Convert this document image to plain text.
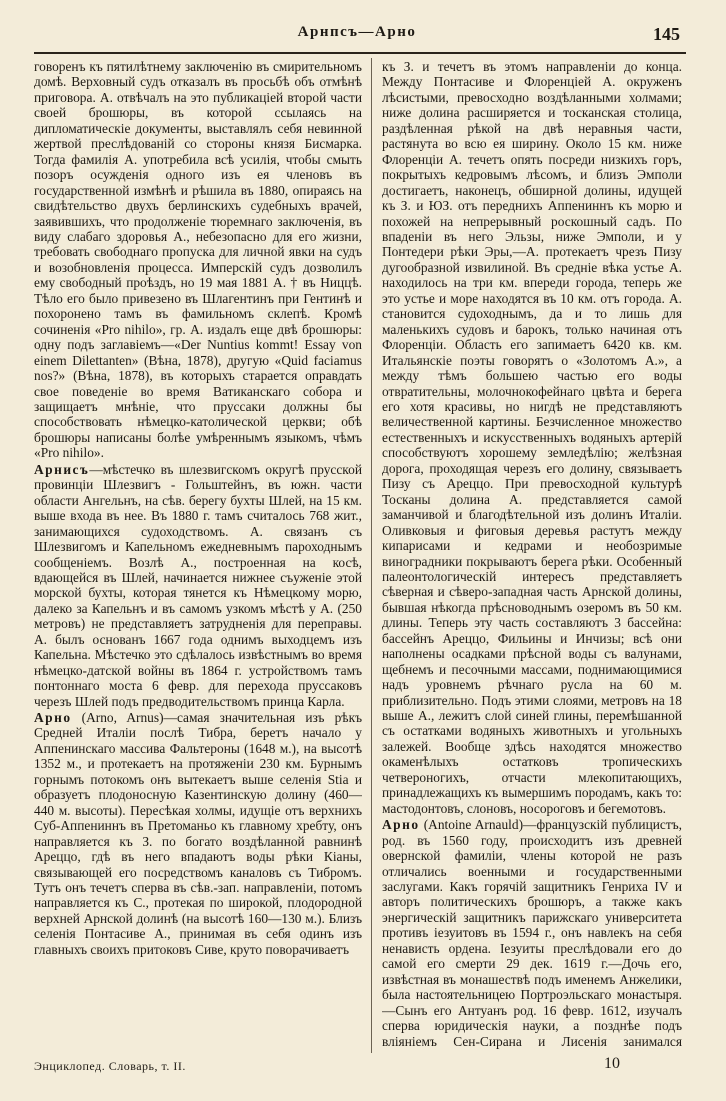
Арнпсъ—Арно	145

говоренъ къ пятилѣтнему заключенію въ смирительномъ домѣ. Верховный судъ отказалъ въ просьбѣ объ отмѣнѣ приговора. А. отвѣчалъ на это публикаціей второй части своей брошюры, въ которой ссылаясь на дипломатическіе документы, выставлялъ себя невинной жертвой преслѣдованій со стороны князя Бисмарка. Тогда фамилія А. употребила всѣ усилія, чтобы смыть позоръ осужденія одного изъ ея членовъ въ государственной измѣнѣ и рѣшила въ 1880, опираясь на свидѣтельство двухъ берлинскихъ судебныхъ врачей, заявившихъ, что продолженіе тюремнаго заключенія, въ виду слабаго здоровья А., небезопасно для его жизни, требовать свободнаго пропуска для личной явки на судъ и возобновленія процесса. Имперскій судъ дозволилъ ему свободный проѣздъ, но 19 мая 1881 А. † въ Ниццѣ. Тѣло его было привезено въ Шлагентинъ при Гентинѣ и похоронено тамъ въ фамильномъ склепѣ. Кромѣ сочиненія «Pro nihilo», гр. А. издалъ еще двѣ брошюры: одну подъ заглавіемъ—«Der Nuntius kommt! Essay von einem Dilettanten» (Вѣна, 1878), другую «Quid faciamus nos?» (Вѣна, 1878), въ которыхъ старается оправдать свое поведеніе во время Ватиканскаго собора и защищаетъ мнѣніе, что пруссаки должны бы способствовать нѣмецко-католической церкви; обѣ брошюры написаны болѣе умѣреннымъ языкомъ, чѣмъ «Pro nihilo».

Арнисъ—мѣстечко въ шлезвигскомъ округѣ прусской провинціи Шлезвигъ - Гольштейнъ, въ южн. части области Ангельнъ, на сѣв. берегу бухты Шлей, на 15 км. выше входа въ нее. Въ 1880 г. тамъ считалось 768 жит., занимающихся судоходствомъ. А. связанъ съ Шлезвигомъ и Капельномъ ежедневнымъ пароходнымъ сообщеніемъ. Возлѣ А., построенная на косѣ, вдающейся въ Шлей, начинается нижнее съуженіе этой морской бухты, которая тянется къ Нѣмецкому морю, далеко за Капельнъ и въ самомъ узкомъ мѣстѣ у А. (250 метровъ) не представляетъ затрудненія для переправы. А. былъ основанъ 1667 года однимъ выходцемъ изъ Капельна. Мѣстечко это сдѣлалось извѣстнымъ во время нѣмецко-датской войны въ 1864 г. устройствомъ тамъ понтоннаго моста 6 февр. для перехода пруссаковъ черезъ Шлей подъ предводительствомъ принца Карла.

Арно (Arno, Arnus)—самая значительная изъ рѣкъ Средней Италіи послѣ Тибра, беретъ начало у Аппенинскаго массива Фальтероны (1648 м.), на высотѣ 1352 м., и протекаетъ на протяженіи 230 км. Бурнымъ горнымъ потокомъ онъ вытекаетъ выше селенія Stia и образуетъ плодоносную Казентинскую долину (460—440 м. высоты). Пересѣкая холмы, идущіе отъ верхнихъ Суб-Аппениннъ въ Претоманьо къ главному хребту, онъ направляется къ З. по богато воздѣланной равнинѣ Ареццо, гдѣ въ него впадаютъ воды рѣки Кіаны, связывающей его посредствомъ каналовъ съ Тибромъ. Тутъ онъ течетъ сперва въ сѣв.-зап. направленіи, потомъ направляется къ С., протекая по широкой, плодородной верхней Арнской долинѣ (на высотѣ 160—130 м.). Близъ селенія Понтасиве А., принимая въ себя одинъ изъ главныхъ своихъ притоковъ Сиве, круто поворачиваетъ

къ З. и течетъ въ этомъ направленіи до конца. Между Понтасиве и Флоренціей А. окруженъ лѣсистыми, превосходно воздѣланными холмами; ниже долина расширяется и тосканская столица, раздѣленная рѣкой на двѣ неравныя части, растянута во всю ея ширину. Около 15 км. ниже Флоренціи А. течетъ опять посреди низкихъ горъ, покрытыхъ кедровымъ лѣсомъ, и близъ Эмполи достигаетъ, наконецъ, обширной долины, идущей къ З. и ЮЗ. отъ переднихъ Аппениннъ къ морю и похожей на непрерывный роскошный садъ. По впаденіи въ него Эльзы, ниже Эмполи, и у Понтедери рѣки Эры,—А. протекаетъ чрезъ Пизу дугообразной извилиной. Въ средніе вѣка устье А. находилось на три км. впереди города, теперь же это устье и море находятся въ 10 км. отъ города. А. становится судоходнымъ, да и то лишь для маленькихъ судовъ и барокъ, только начиная отъ Флоренціи. Область его запимаетъ 6420 кв. км. Итальянскіе поэты говорятъ о «Золотомъ А.», а между тѣмъ большею частью его воды отвратительны, молочнокофейнаго цвѣта и берега его хотя красивы, но нигдѣ не представляютъ величественной картины. Безчисленное множество естественныхъ и искусственныхъ водяныхъ артерій способствуютъ хорошему земледѣлію; желѣзная дорога, проходящая черезъ его долину, связываетъ Пизу съ Ареццо. При превосходной культурѣ Тосканы долина А. представляется самой заманчивой и благодѣтельной изъ долинъ Италіи. Оливковыя и фиговыя деревья растутъ между кипарисами и кедрами и необозримые виноградники покрываютъ берега рѣки. Особенный палеонтологическій интересъ представляетъ сѣверная и сѣверо-западная часть Арнской долины, бывшая нѣкогда прѣсноводнымъ озеромъ въ 50 км. длины. Теперь эту часть составляютъ 3 бассейна: бассейнъ Ареццо, Фильины и Инчизы; всѣ они наполнены осадками прѣсной воды съ валунами, щебнемъ и песочными массами, поднимающимися надъ уровнемъ рѣчнаго русла на 60 м. приблизительно. Подъ этими слоями, метровъ на 18 выше А., лежитъ слой синей глины, перемѣшанной съ остатками водяныхъ животныхъ и угольныхъ залежей. Вообще здѣсь находятся множество окаменѣлыхъ остатковъ тропическихъ четвероногихъ, отчасти млекопитающихъ, принадлежащихъ къ вымершимъ породамъ, какъ то: мастодонтовъ, слоновъ, носороговъ и бегемотовъ.

Арно (Antoine Arnauld)—французскій публицистъ, род. въ 1560 году, происходитъ изъ древней овернской фамиліи, члены которой не разъ отличались военными и государственными заслугами. Какъ горячій защитникъ Генриха IV и авторъ политическихъ брошюръ, а также какъ энергическій защитникъ парижскаго университета противъ іезуитовъ въ 1594 г., онъ навлекъ на себя ненависть ордена. Іезуиты преслѣдовали его до самой его смерти 29 дек. 1619 г.—Дочь его, извѣстная въ монашествѣ подъ именемъ Анжелики, была настоятельницею Портроэльскаго монастыря.—Сынъ его Антуанъ род. 16 февр. 1612, изучалъ сперва юридическія науки, а позднѣе подъ вліяніемъ Сен-Сирана и Лисенія занимался

Энциклопед. Словарь, т. II.	10
